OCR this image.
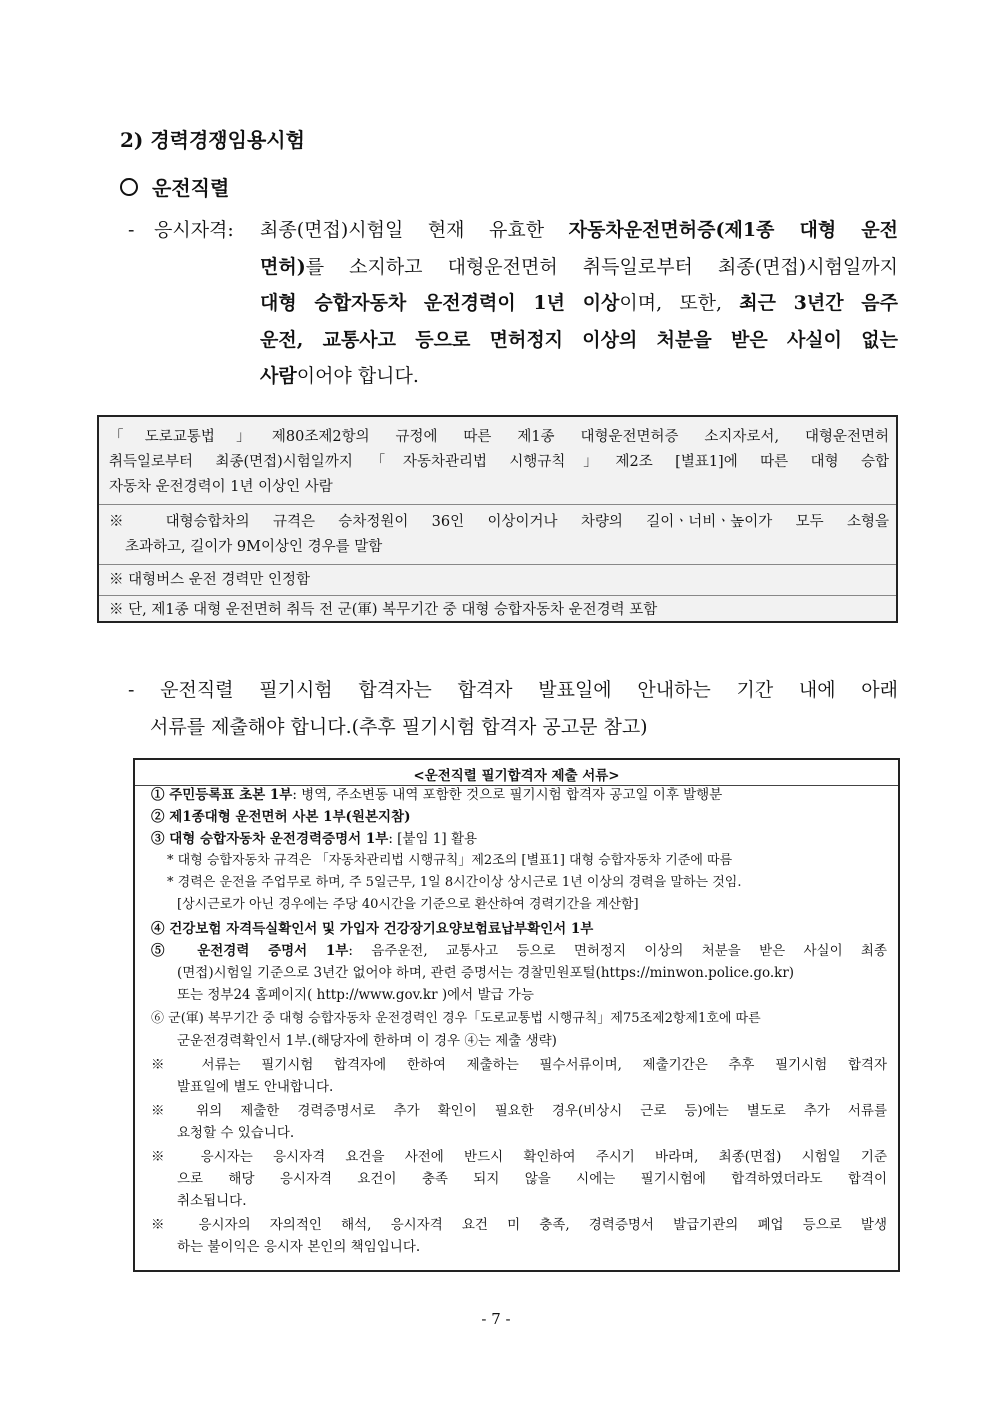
2) 경력경쟁임용시험
운전직렬
- 응시자격: 최종(면접)시험일 현재 유효한 자동차운전면허증(제1종 대형 운전
면허)를 소지하고 대형운전면허 취득일로부터 최종(면접)시험일까지
대형 승합자동차 운전경력이 1년 이상이며, 또한, 최근 3년간 음주
운전, 교통사고 등으로 면허정지 이상의 처분을 받은 사실이 없는
사람이어야 합니다.
「도로교통법」제80조제2항의 규정에 따른 제1종 대형운전면허증 소지자로서, 대형운전면허
취득일로부터 최종(면접)시험일까지「자동차관리법 시행규칙」제2조 [별표1]에 따른 대형 승합
자동차 운전경력이 1년 이상인 사람
※ 대형승합차의 규격은 승차정원이 36인 이상이거나 차량의 길이ㆍ너비ㆍ높이가 모두 소형을
초과하고, 길이가 9M이상인 경우를 말함
※ 대형버스 운전 경력만 인정함
※ 단, 제1종 대형 운전면허 취득 전 군(軍) 복무기간 중 대형 승합자동차 운전경력 포함
- 운전직렬 필기시험 합격자는 합격자 발표일에 안내하는 기간 내에 아래
서류를 제출해야 합니다.(추후 필기시험 합격자 공고문 참고)
<운전직렬 필기합격자 제출 서류>
① 주민등록표 초본 1부: 병역, 주소변동 내역 포함한 것으로 필기시험 합격자 공고일 이후 발행분
② 제1종대형 운전면허 사본 1부(원본지참)
③ 대형 승합자동차 운전경력증명서 1부: [붙임 1] 활용
* 대형 승합자동차 규격은 「자동차관리법 시행규칙」제2조의 [별표1] 대형 승합자동차 기준에 따름
* 경력은 운전을 주업무로 하며, 주 5일근무, 1일 8시간이상 상시근로 1년 이상의 경력을 말하는 것임.
[상시근로가 아닌 경우에는 주당 40시간을 기준으로 환산하여 경력기간을 계산함]
④ 건강보험 자격득실확인서 및 가입자 건강장기요양보험료납부확인서 1부
⑤ 운전경력 증명서 1부: 음주운전, 교통사고 등으로 면허정지 이상의 처분을 받은 사실이 최종
(면접)시험일 기준으로 3년간 없어야 하며, 관련 증명서는 경찰민원포털(https://minwon.police.go.kr)
또는 정부24 홈페이지( http://www.gov.kr )에서 발급 가능
⑥ 군(軍) 복무기간 중 대형 승합자동차 운전경력인 경우「도로교통법 시행규칙」제75조제2항제1호에 따른
군운전경력확인서 1부.(해당자에 한하며 이 경우 ④는 제출 생략)
※ 서류는 필기시험 합격자에 한하여 제출하는 필수서류이며, 제출기간은 추후 필기시험 합격자
발표일에 별도 안내합니다.
※ 위의 제출한 경력증명서로 추가 확인이 필요한 경우(비상시 근로 등)에는 별도로 추가 서류를
요청할 수 있습니다.
※ 응시자는 응시자격 요건을 사전에 반드시 확인하여 주시기 바라며, 최종(면접) 시험일 기준
으로 해당 응시자격 요건이 충족 되지 않을 시에는 필기시험에 합격하였더라도 합격이
취소됩니다.
※ 응시자의 자의적인 해석, 응시자격 요건 미 충족, 경력증명서 발급기관의 폐업 등으로 발생
하는 불이익은 응시자 본인의 책임입니다.
- 7 -
